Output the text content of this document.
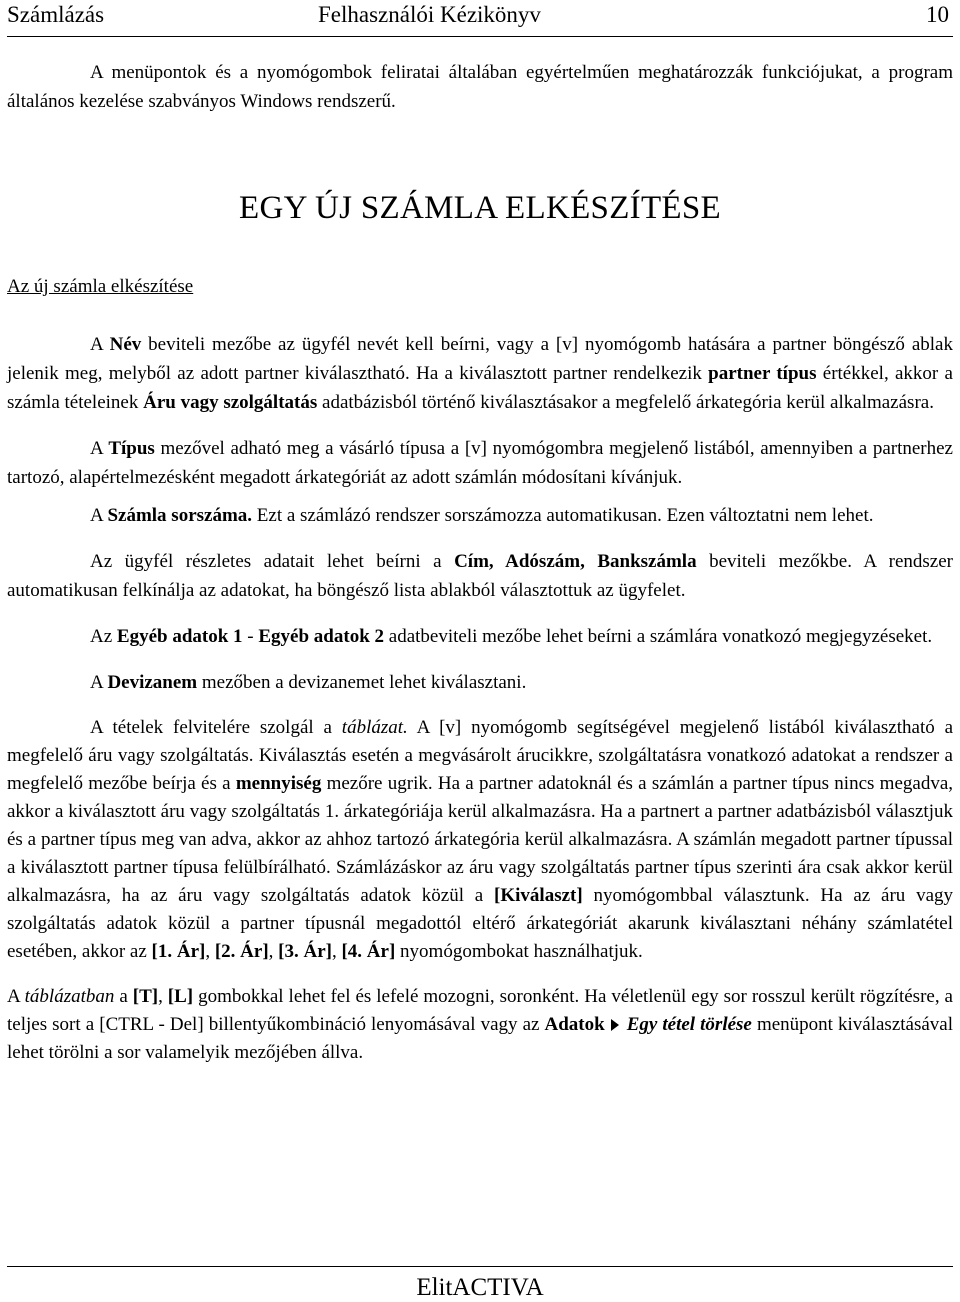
Számlázás	Felhasználói Kézikönyv	10

A menüpontok és a nyomógombok feliratai általában egyértelműen meghatározzák funkciójukat, a program általános kezelése szabványos Windows rendszerű.

EGY ÚJ SZÁMLA ELKÉSZÍTÉSE
Az új számla elkészítése

A Név beviteli mezőbe az ügyfél nevét kell beírni, vagy a [v] nyomógomb hatására a partner böngésző ablak jelenik meg, melyből az adott partner kiválasztható. Ha a kiválasztott partner rendelkezik partner típus értékkel, akkor a számla tételeinek Áru vagy szolgáltatás adatbázisból történő kiválasztásakor a megfelelő árkategória kerül alkalmazásra.

A Típus mezővel adható meg a vásárló típusa a [v] nyomógombra megjelenő listából, amennyiben a partnerhez tartozó, alapértelmezésként megadott árkategóriát az adott számlán módosítani kívánjuk.

A Számla sorszáma. Ezt a számlázó rendszer sorszámozza automatikusan. Ezen változtatni nem lehet.

Az ügyfél részletes adatait lehet beírni a Cím, Adószám, Bankszámla beviteli mezőkbe. A rendszer automatikusan felkínálja az adatokat, ha böngésző lista ablakból választottuk az ügyfelet.

Az Egyéb adatok 1 - Egyéb adatok 2 adatbeviteli mezőbe lehet beírni a számlára vonatkozó megjegyzéseket.

A Devizanem mezőben a devizanemet lehet kiválasztani.

A tételek felvitelére szolgál a táblázat. A [v] nyomógomb segítségével megjelenő listából kiválasztható a megfelelő áru vagy szolgáltatás. Kiválasztás esetén a megvásárolt árucikkre, szolgáltatásra vonatkozó adatokat a rendszer a megfelelő mezőbe beírja és a mennyiség mezőre ugrik. Ha a partner adatoknál és a számlán a partner típus nincs megadva, akkor a kiválasztott áru vagy szolgáltatás 1. árkategóriája kerül alkalmazásra. Ha a partnert a partner adatbázisból választjuk és a partner típus meg van adva, akkor az ahhoz tartozó árkategória kerül alkalmazásra. A számlán megadott partner típussal a kiválasztott partner típusa felülbírálható. Számlázáskor az áru vagy szolgáltatás partner típus szerinti ára csak akkor kerül alkalmazásra, ha az áru vagy szolgáltatás adatok közül a [Kiválaszt] nyomógombbal választunk. Ha az áru vagy szolgáltatás adatok közül a partner típusnál megadottól eltérő árkategóriát akarunk kiválasztani néhány számlatétel esetében, akkor az [1. Ár], [2. Ár], [3. Ár], [4. Ár] nyomógombokat használhatjuk.

A táblázatban a [T], [L] gombokkal lehet fel és lefelé mozogni, soronként. Ha véletlenül egy sor rosszul került rögzítésre, a teljes sort a [CTRL - Del] billentyűkombináció lenyomásával vagy az Adatok Egy tétel törlése menüpont kiválasztásával lehet törölni a sor valamelyik mezőjében állva.

ElitACTIVA
